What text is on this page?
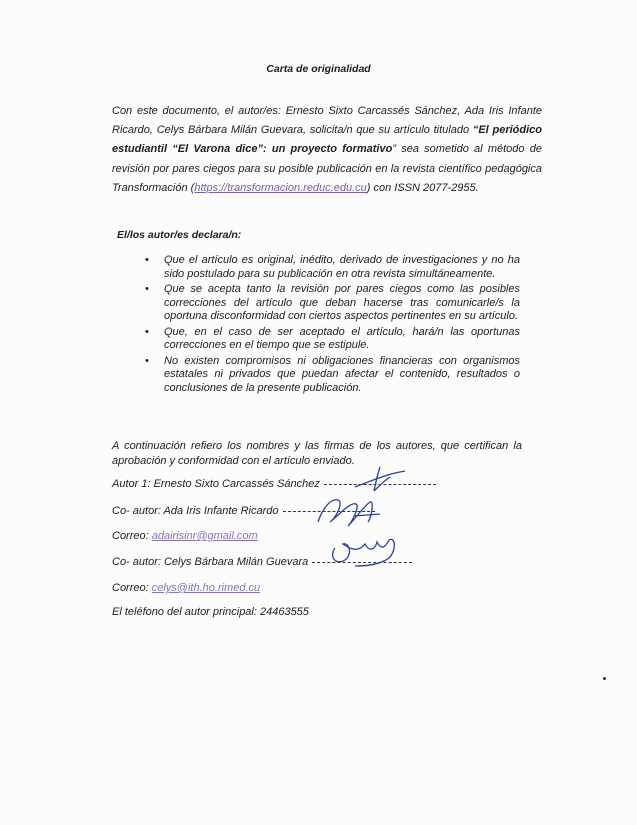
Carta de originalidad
Con este documento, el autor/es: Ernesto Sixto Carcassés Sánchez, Ada Iris Infante Ricardo, Celys Bárbara Milán Guevara, solicita/n que su artículo titulado “El periódico estudiantil “El Varona dice”: un proyecto formativo” sea sometido al método de revisión por pares ciegos para su posible publicación en la revista científico pedagógica Transformación (https://transformacion.reduc.edu.cu) con ISSN 2077-2955.
El/los autor/es declara/n:
• Que el artículo es original, inédito, derivado de investigaciones y no ha sido postulado para su publicación en otra revista simultáneamente.
• Que se acepta tanto la revisión por pares ciegos como las posibles correcciones del artículo que deban hacerse tras comunicarle/s la oportuna disconformidad con ciertos aspectos pertinentes en su artículo.
• Que, en el caso de ser aceptado el artículo, hará/n las oportunas correcciones en el tiempo que se estipule.
• No existen compromisos ni obligaciones financieras con organismos estatales ni privados que puedan afectar el contenido, resultados o conclusiones de la presente publicación.
A continuación refiero los nombres y las firmas de los autores, que certifican la aprobación y conformidad con el artículo enviado.
Autor 1: Ernesto Sixto Carcassés Sánchez
Co- autor: Ada Iris Infante Ricardo
Correo: adairisinr@gmail.com
Co- autor: Celys Bárbara Milán Guevara
Correo: celys@ith.ho.rimed.cu
El teléfono del autor principal: 24463555
